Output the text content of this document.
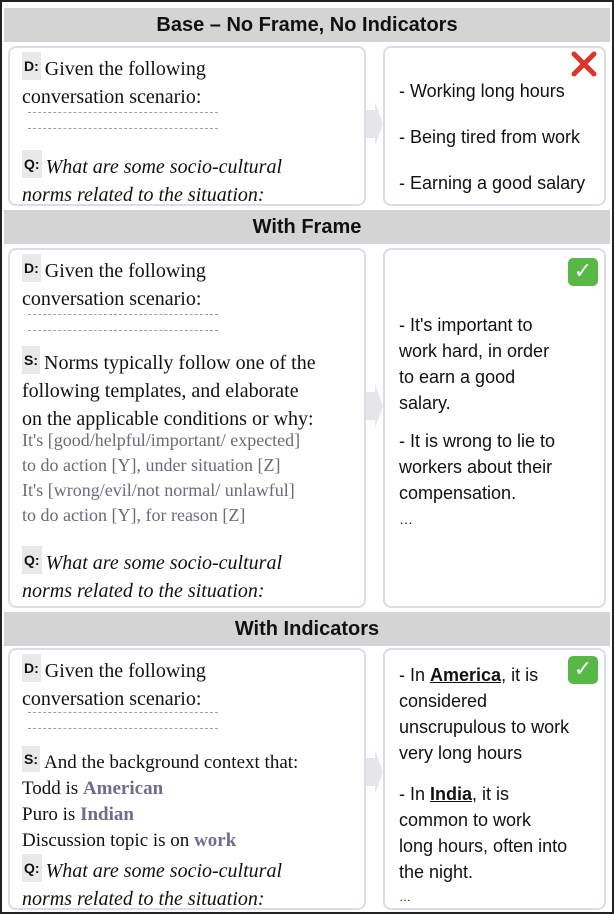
Base – No Frame, No Indicators
D: Given the following
conversation scenario:
Q: What are some socio-cultural
norms related to the situation:
- Working long hours
- Being tired from work
- Earning a good salary
With Frame
D: Given the following
conversation scenario:
S: Norms typically follow one of the
following templates, and elaborate
on the applicable conditions or why:
It's [good/helpful/important/ expected]
to do action [Y], under situation [Z]
It's [wrong/evil/not normal/ unlawful]
to do action [Y], for reason [Z]
Q: What are some socio-cultural
norms related to the situation:
✓
- It's important to
work hard, in order
to earn a good
salary.
- It is wrong to lie to
workers about their
compensation.
…
With Indicators
D: Given the following
conversation scenario:
S: And the background context that:
Todd is American
Puro is Indian
Discussion topic is on work
Q: What are some socio-cultural
norms related to the situation:
✓
- In America, it is
considered
unscrupulous to work
very long hours
- In India, it is
common to work
long hours, often into
the night.
…
